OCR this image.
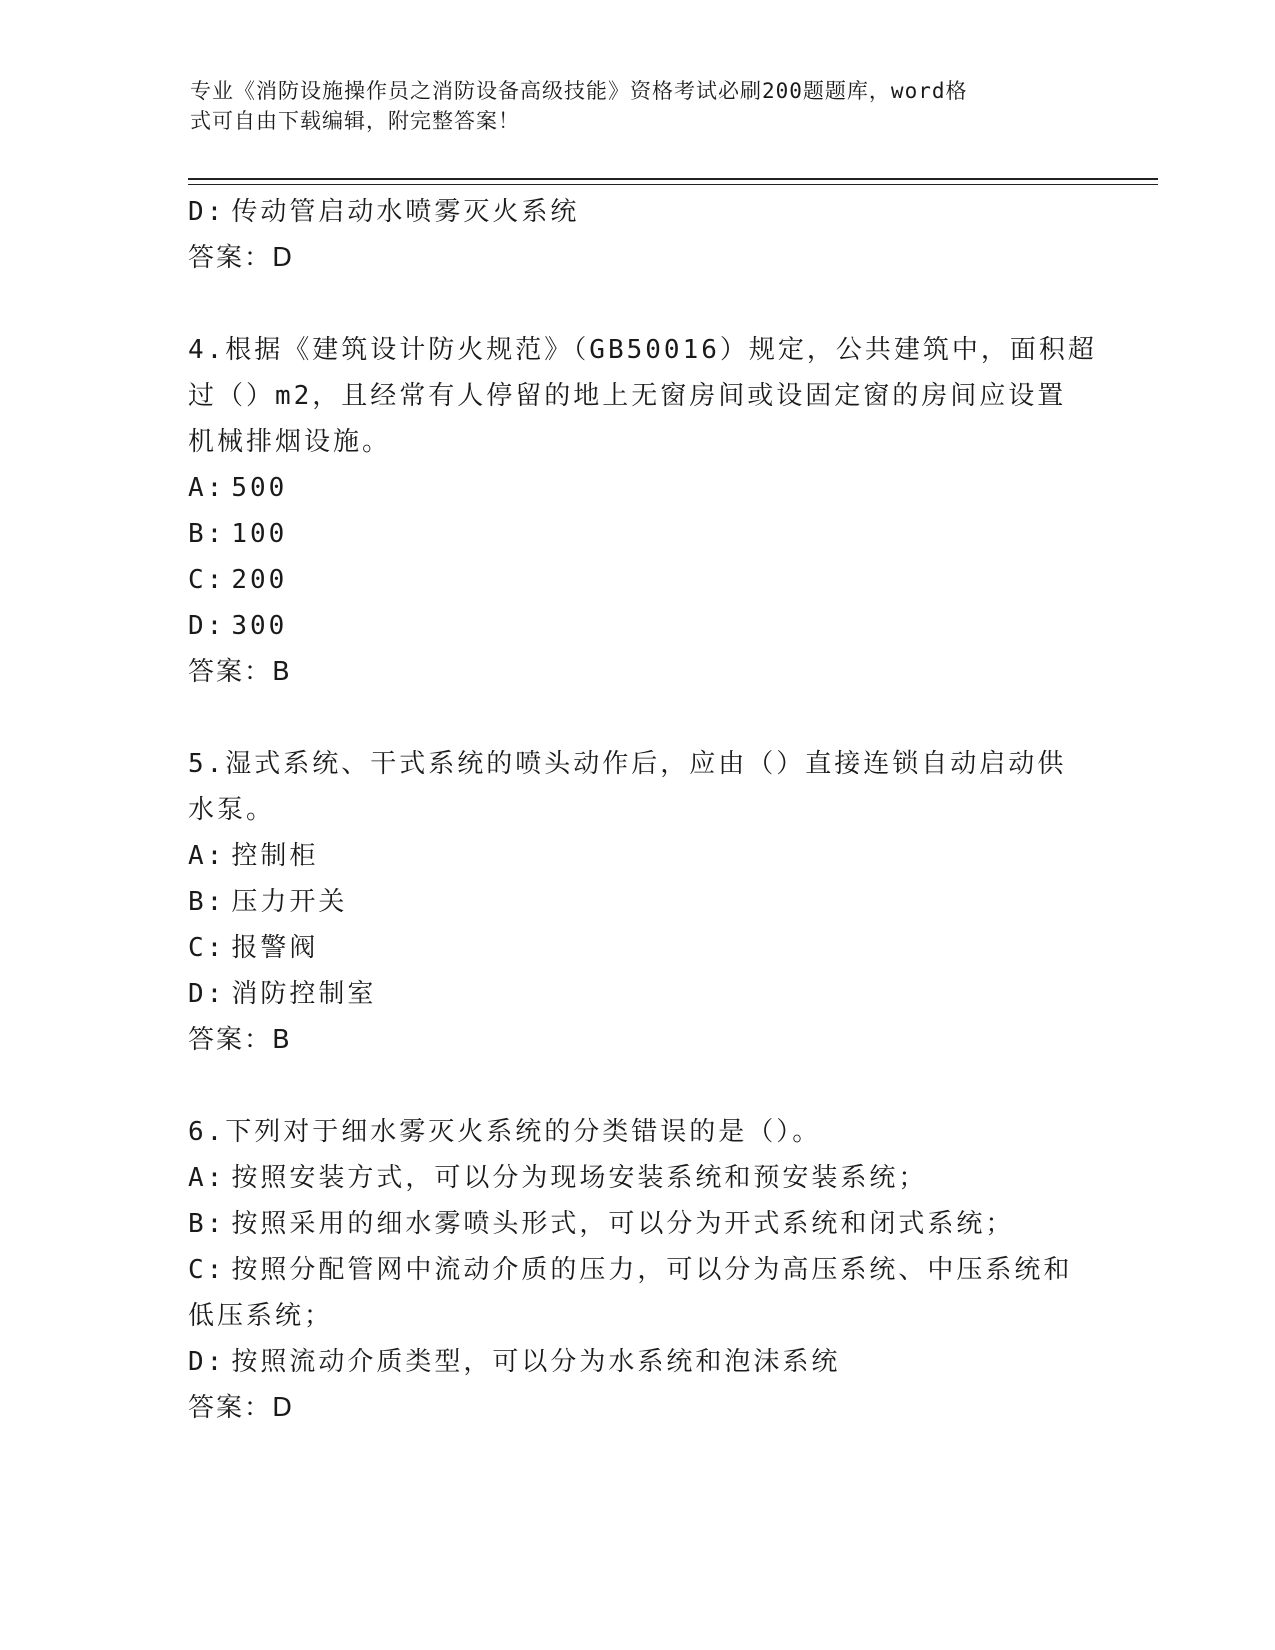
专业《消防设施操作员之消防设备高级技能》资格考试必刷200题题库，word格
式可自由下载编辑，附完整答案！
D: 传动管启动水喷雾灭火系统
答案：D
4.根据《建筑设计防火规范》（GB50016）规定，公共建筑中，面积超
过（）m2，且经常有人停留的地上无窗房间或设固定窗的房间应设置
机械排烟设施。
A: 500
B: 100
C: 200
D: 300
答案：B
5.湿式系统、干式系统的喷头动作后，应由（）直接连锁自动启动供
水泵。
A: 控制柜
B: 压力开关
C: 报警阀
D: 消防控制室
答案：B
6.下列对于细水雾灭火系统的分类错误的是（）。
A: 按照安装方式，可以分为现场安装系统和预安装系统；
B: 按照采用的细水雾喷头形式，可以分为开式系统和闭式系统；
C: 按照分配管网中流动介质的压力，可以分为高压系统、中压系统和
低压系统；
D: 按照流动介质类型，可以分为水系统和泡沫系统
答案：D
